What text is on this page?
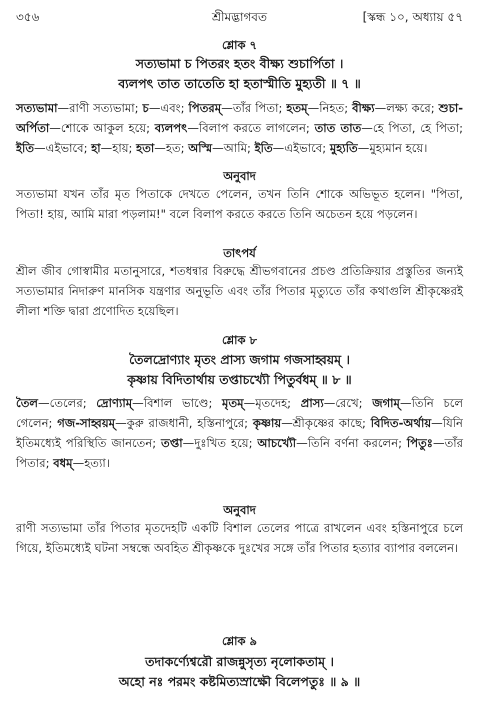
৩৫৬	শ্রীমদ্ভাগবত	[স্কন্ধ ১০, অধ্যায় ৫৭
শ্লোক ৭
সত্যভামা চ পিতরং হতং বীক্ষ্য শুচার্পিতা ।
ব্যলপৎ তাত তাতেতি হা হতাস্মীতি মুহ্যতী ॥ ৭ ॥
সত্যভামা—রাণী সত্যভামা; চ—এবং; পিতরম্—তাঁর পিতা; হতম্—নিহত; বীক্ষ্য—লক্ষ্য করে; শুচা-অর্পিতা—শোকে আকুল হয়ে; ব্যলপৎ—বিলাপ করতে লাগলেন; তাত তাত—হে পিতা, হে পিতা; ইতি—এইভাবে; হা—হায়; হতা—হত; অস্মি—আমি; ইতি—এইভাবে; মুহ্যতি—মুহ্যমান হয়ে।
অনুবাদ
সত্যভামা যখন তাঁর মৃত পিতাকে দেখতে পেলেন, তখন তিনি শোকে অভিভূত হলেন। "পিতা, পিতা! হায়, আমি মারা পড়লাম!" বলে বিলাপ করতে করতে তিনি অচেতন হয়ে পড়লেন।
তাৎপর্য
শ্রীল জীব গোস্বামীর মতানুসারে, শতধন্বার বিরুদ্ধে শ্রীভগবানের প্রচণ্ড প্রতিক্রিয়ার প্রস্তুতির জন্যই সত্যভামার নিদারুণ মানসিক যন্ত্রণার অনুভূতি এবং তাঁর পিতার মৃত্যুতে তাঁর কথাগুলি শ্রীকৃষ্ণেরই লীলা শক্তি দ্বারা প্রণোদিত হয়েছিল।
শ্লোক ৮
তৈলদ্রোণ্যাং মৃতং প্রাস্য জগাম গজসাহ্বয়ম্ ।
কৃষ্ণায় বিদিতার্থায় তপ্তাচখ্যৌ পিতুর্বধম্ ॥ ৮ ॥
তৈল—তেলের; দ্রোণ্যাম্—বিশাল ভাণ্ডে; মৃতম্—মৃতদেহ; প্রাস্য—রেখে; জগাম্—তিনি চলে গেলেন; গজ-সাহ্বয়ম্—কুরু রাজধানী, হস্তিনাপুরে; কৃষ্ণায়—শ্রীকৃষ্ণের কাছে; বিদিত-অর্থায়—যিনি ইতিমধ্যেই পরিস্থিতি জানতেন; তপ্তা—দুঃখিত হয়ে; আচখ্যৌ—তিনি বর্ণনা করলেন; পিতুঃ—তাঁর পিতার; বধম্—হত্যা।
অনুবাদ
রাণী সত্যভামা তাঁর পিতার মৃতদেহটি একটি বিশাল তেলের পাত্রে রাখলেন এবং হস্তিনাপুরে চলে গিয়ে, ইতিমধ্যেই ঘটনা সম্বন্ধে অবহিত শ্রীকৃষ্ণকে দুঃখের সঙ্গে তাঁর পিতার হত্যার ব্যাপার বললেন।
শ্লোক ৯
তদাকর্ণ্যেশ্বরৌ রাজন্নুসৃত্য নৃলোকতাম্ ।
অহো নঃ পরমং কষ্টমিত্যস্রাক্ষৌ বিলেপতুঃ ॥ ৯ ॥
